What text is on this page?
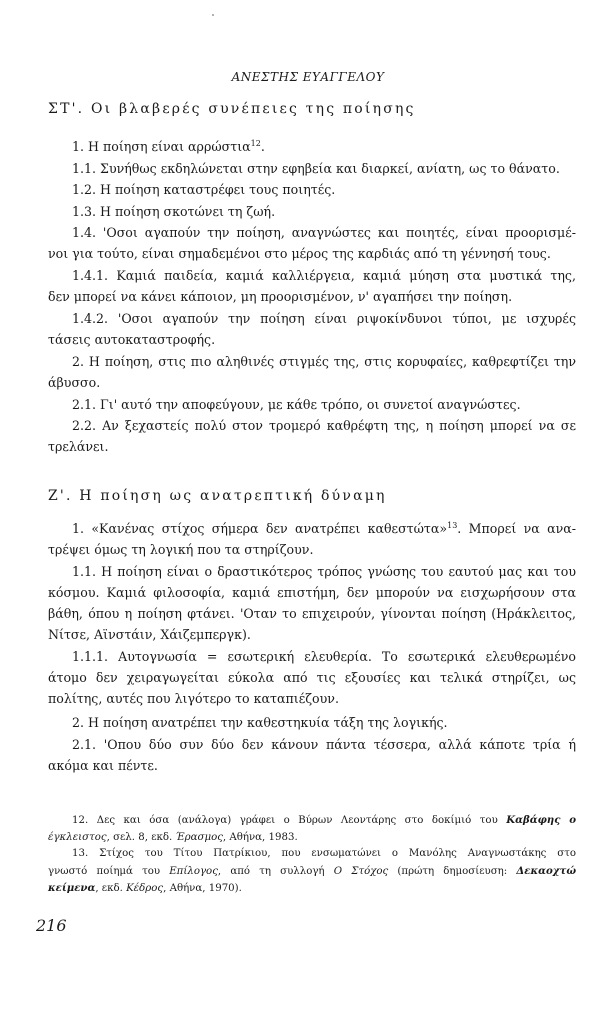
ΑΝΕΣΤΗΣ ΕΥΑΓΓΕΛΟΥ
ΣΤ'. Οι βλαβερές συνέπειες της ποίησης
1. Η ποίηση είναι αρρώστια$^{12}$.
1.1. Συνήθως εκδηλώνεται στην εφηβεία και διαρκεί, ανίατη, ως το θάνατο.
1.2. Η ποίηση καταστρέφει τους ποιητές.
1.3. Η ποίηση σκοτώνει τη ζωή.
1.4. 'Οσοι αγαπούν την ποίηση, αναγνώστες και ποιητές, είναι προορισμέ-
νοι για τούτο, είναι σημαδεμένοι στο μέρος της καρδιάς από τη γέννησή τους.
1.4.1. Καμιά παιδεία, καμιά καλλιέργεια, καμιά μύηση στα μυστικά της,
δεν μπορεί να κάνει κάποιον, μη προορισμένον, ν' αγαπήσει την ποίηση.
1.4.2. 'Οσοι αγαπούν την ποίηση είναι ριψοκίνδυνοι τύποι, με ισχυρές
τάσεις αυτοκαταστροφής.
2. Η ποίηση, στις πιο αληθινές στιγμές της, στις κορυφαίες, καθρεφτίζει την
άβυσσο.
2.1. Γι' αυτό την αποφεύγουν, με κάθε τρόπο, οι συνετοί αναγνώστες.
2.2. Αν ξεχαστείς πολύ στον τρομερό καθρέφτη της, η ποίηση μπορεί να σε
τρελάνει.
Ζ'. Η ποίηση ως ανατρεπτική δύναμη
1. «Κανένας στίχος σήμερα δεν ανατρέπει καθεστώτα»$^{13}$. Μπορεί να ανα-
τρέψει όμως τη λογική που τα στηρίζουν.
1.1. Η ποίηση είναι ο δραστικότερος τρόπος γνώσης του εαυτού μας και του
κόσμου. Καμιά φιλοσοφία, καμιά επιστήμη, δεν μπορούν να εισχωρήσουν στα
βάθη, όπου η ποίηση φτάνει. 'Οταν το επιχειρούν, γίνονται ποίηση (Ηράκλειτος,
Νίτσε, Αϊνστάιν, Χάιζεμπεργκ).
1.1.1. Αυτογνωσία = εσωτερική ελευθερία. Το εσωτερικά ελευθερωμένο
άτομο δεν χειραγωγείται εύκολα από τις εξουσίες και τελικά στηρίζει, ως
πολίτης, αυτές που λιγότερο το καταπιέζουν.
2. Η ποίηση ανατρέπει την καθεστηκυία τάξη της λογικής.
2.1. 'Οπου δύο συν δύο δεν κάνουν πάντα τέσσερα, αλλά κάποτε τρία ή
ακόμα και πέντε.
12. Δες και όσα (ανάλογα) γράφει ο Βύρων Λεοντάρης στο δοκίμιό του Καβάφης ο
έγκλειστος, σελ. 8, εκδ. Έρασμος, Αθήνα, 1983.
13. Στίχος του Τίτου Πατρίκιου, που ενσωματώνει ο Μανόλης Αναγνωστάκης στο
γνωστό ποίημά του Επίλογος, από τη συλλογή Ο Στόχος (πρώτη δημοσίευση: Δεκαοχτώ
κείμενα, εκδ. Κέδρος, Αθήνα, 1970).
216
